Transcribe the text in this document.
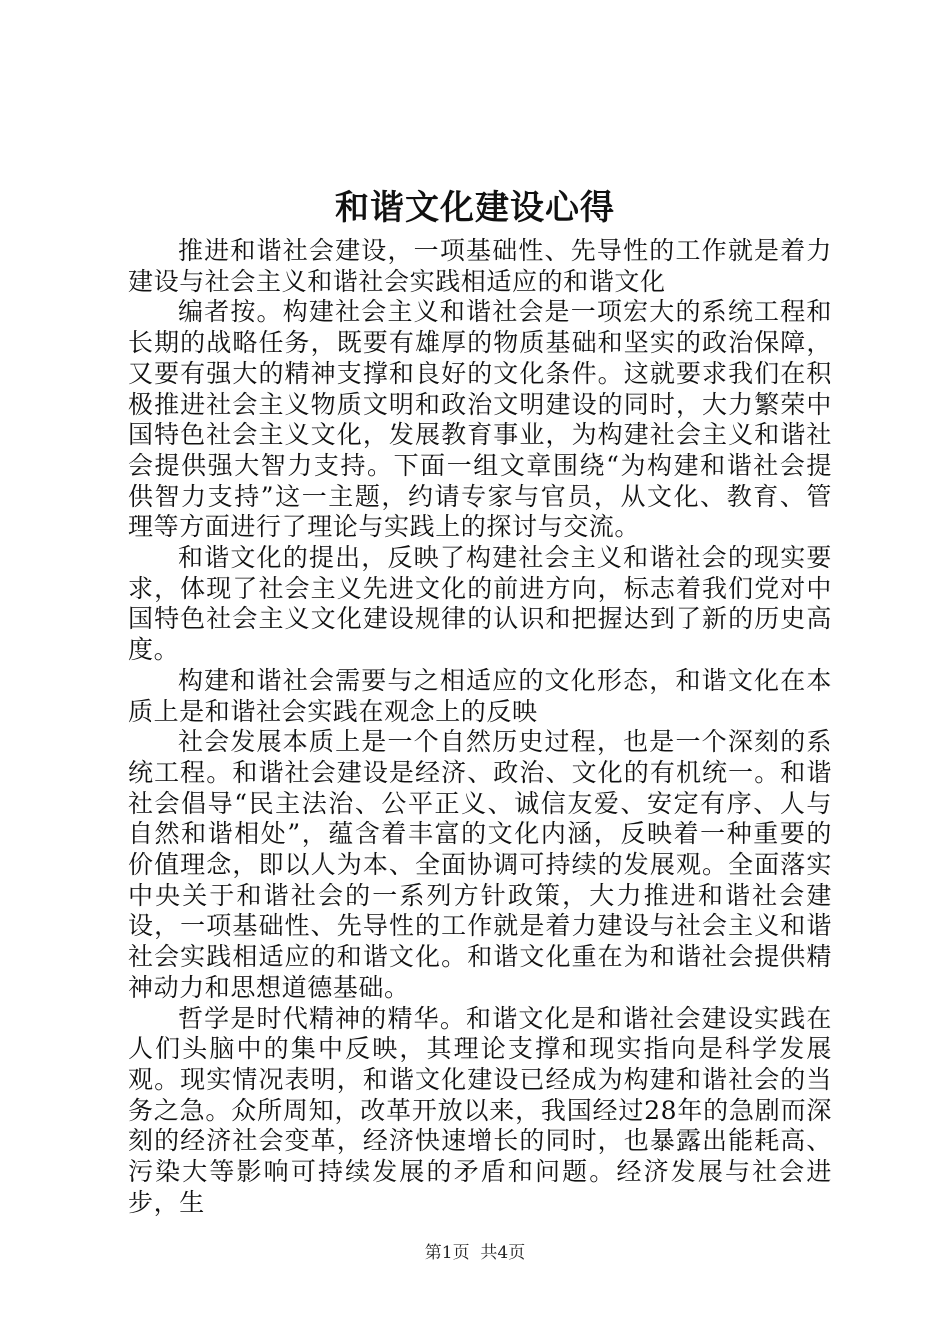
和谐文化建设心得

推进和谐社会建设，一项基础性、先导性的工作就是着力建设与社会主义和谐社会实践相适应的和谐文化

编者按。构建社会主义和谐社会是一项宏大的系统工程和长期的战略任务，既要有雄厚的物质基础和坚实的政治保障，又要有强大的精神支撑和良好的文化条件。这就要求我们在积极推进社会主义物质文明和政治文明建设的同时，大力繁荣中国特色社会主义文化，发展教育事业，为构建社会主义和谐社会提供强大智力支持。下面一组文章围绕“为构建和谐社会提供智力支持”这一主题，约请专家与官员，从文化、教育、管理等方面进行了理论与实践上的探讨与交流。

和谐文化的提出，反映了构建社会主义和谐社会的现实要求，体现了社会主义先进文化的前进方向，标志着我们党对中国特色社会主义文化建设规律的认识和把握达到了新的历史高度。

构建和谐社会需要与之相适应的文化形态，和谐文化在本质上是和谐社会实践在观念上的反映

社会发展本质上是一个自然历史过程，也是一个深刻的系统工程。和谐社会建设是经济、政治、文化的有机统一。和谐社会倡导“民主法治、公平正义、诚信友爱、安定有序、人与自然和谐相处”，蕴含着丰富的文化内涵，反映着一种重要的价值理念，即以人为本、全面协调可持续的发展观。全面落实中央关于和谐社会的一系列方针政策，大力推进和谐社会建设，一项基础性、先导性的工作就是着力建设与社会主义和谐社会实践相适应的和谐文化。和谐文化重在为和谐社会提供精神动力和思想道德基础。

哲学是时代精神的精华。和谐文化是和谐社会建设实践在人们头脑中的集中反映，其理论支撑和现实指向是科学发展观。现实情况表明，和谐文化建设已经成为构建和谐社会的当务之急。众所周知，改革开放以来，我国经过28年的急剧而深刻的经济社会变革，经济快速增长的同时，也暴露出能耗高、污染大等影响可持续发展的矛盾和问题。经济发展与社会进步，生

第1页 共4页
